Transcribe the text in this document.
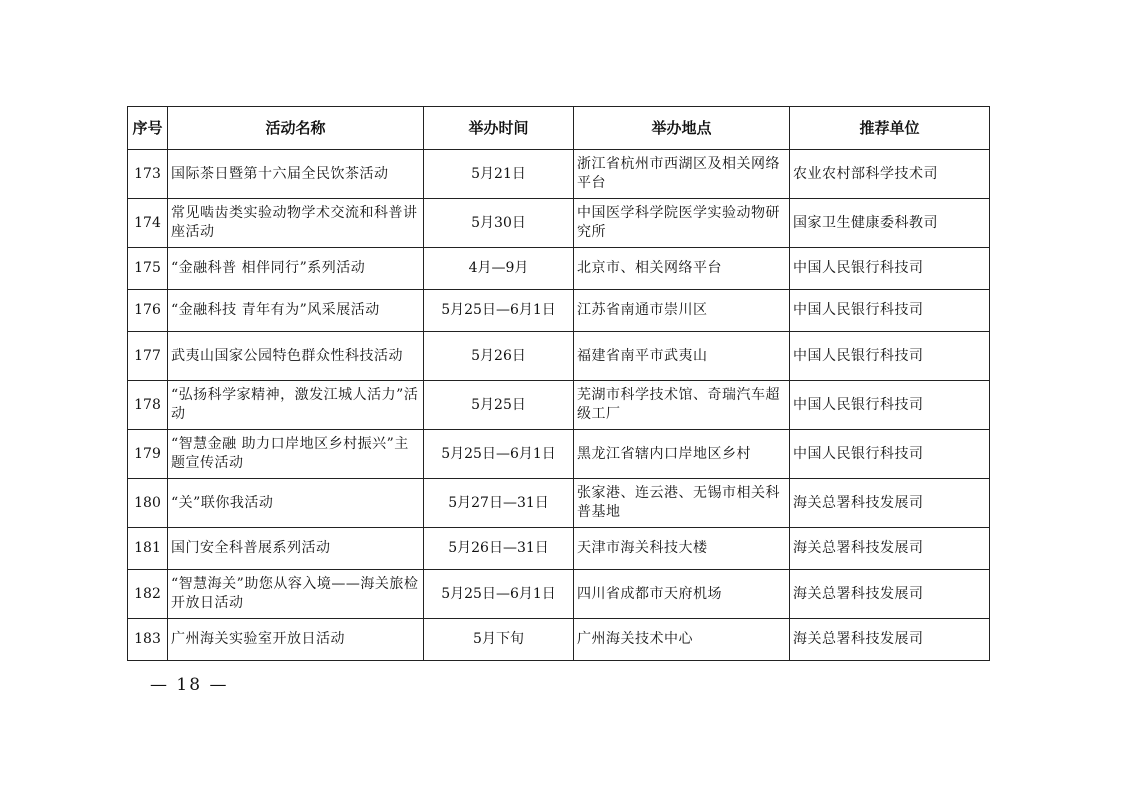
序号	活动名称	举办时间	举办地点	推荐单位
173	国际茶日暨第十六届全民饮茶活动	5月21日	浙江省杭州市西湖区及相关网络平台	农业农村部科学技术司
174	常见啮齿类实验动物学术交流和科普讲座活动	5月30日	中国医学科学院医学实验动物研究所	国家卫生健康委科教司
175	“金融科普 相伴同行”系列活动	4月—9月	北京市、相关网络平台	中国人民银行科技司
176	“金融科技 青年有为”风采展活动	5月25日—6月1日	江苏省南通市崇川区	中国人民银行科技司
177	武夷山国家公园特色群众性科技活动	5月26日	福建省南平市武夷山	中国人民银行科技司
178	“弘扬科学家精神，激发江城人活力”活动	5月25日	芜湖市科学技术馆、奇瑞汽车超级工厂	中国人民银行科技司
179	“智慧金融 助力口岸地区乡村振兴”主题宣传活动	5月25日—6月1日	黑龙江省辖内口岸地区乡村	中国人民银行科技司
180	“关”联你我活动	5月27日—31日	张家港、连云港、无锡市相关科普基地	海关总署科技发展司
181	国门安全科普展系列活动	5月26日—31日	天津市海关科技大楼	海关总署科技发展司
182	“智慧海关”助您从容入境——海关旅检开放日活动	5月25日—6月1日	四川省成都市天府机场	海关总署科技发展司
183	广州海关实验室开放日活动	5月下旬	广州海关技术中心	海关总署科技发展司
— 18 —
